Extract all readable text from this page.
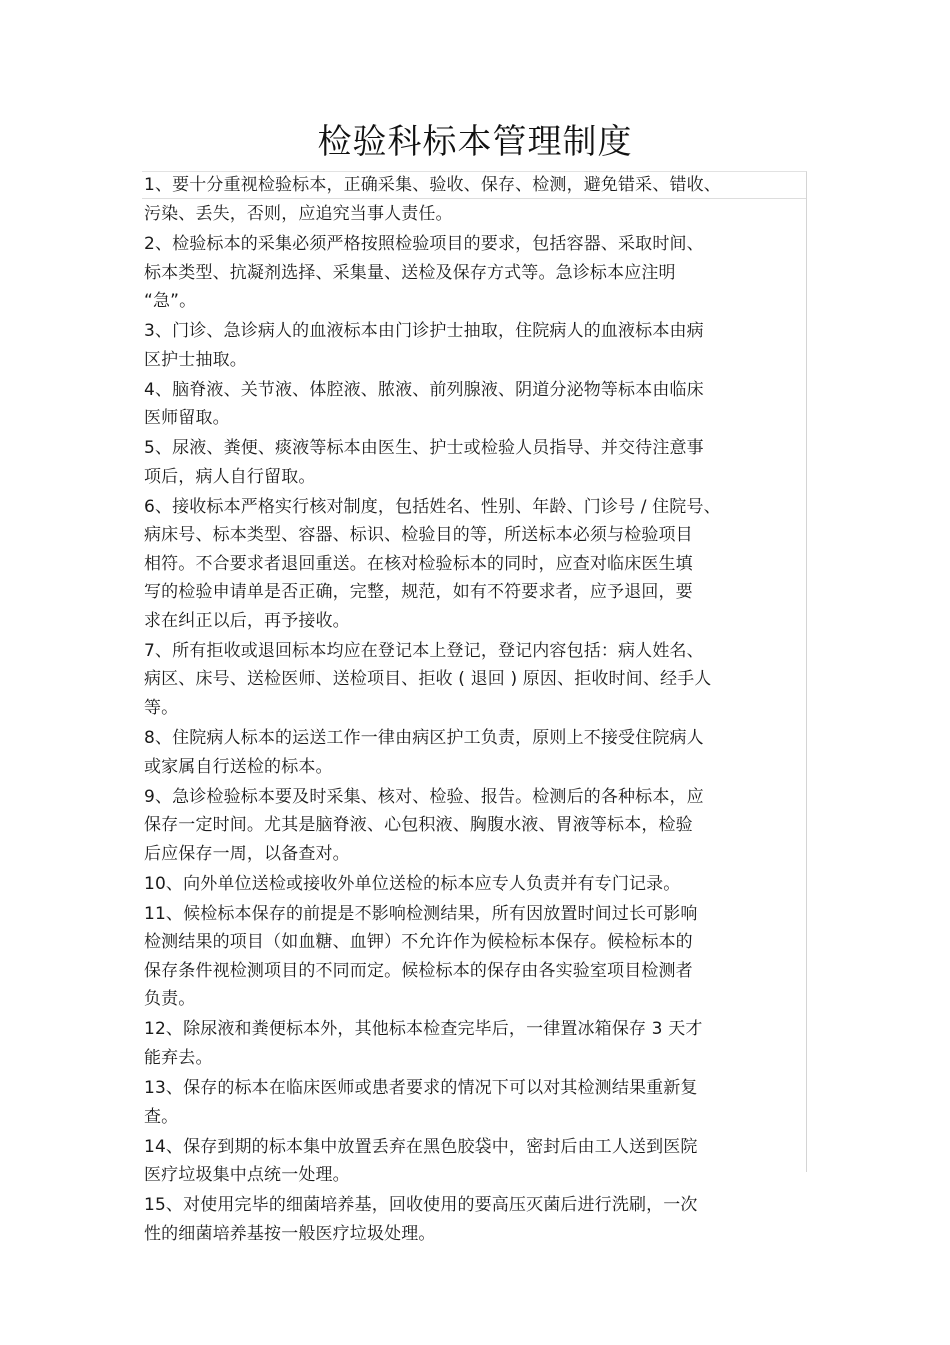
检验科标本管理制度
1、要十分重视检验标本，正确采集、验收、保存、检测，避免错采、错收、
污染、丢失，否则，应追究当事人责任。
2、检验标本的采集必须严格按照检验项目的要求，包括容器、采取时间、
标本类型、抗凝剂选择、采集量、送检及保存方式等。急诊标本应注明
“急”。
3、门诊、急诊病人的血液标本由门诊护士抽取，住院病人的血液标本由病
区护士抽取。
4、脑脊液、关节液、体腔液、脓液、前列腺液、阴道分泌物等标本由临床
医师留取。
5、尿液、粪便、痰液等标本由医生、护士或检验人员指导、并交待注意事
项后，病人自行留取。
6、接收标本严格实行核对制度，包括姓名、性别、年龄、门诊号 / 住院号、
病床号、标本类型、容器、标识、检验目的等，所送标本必须与检验项目
相符。不合要求者退回重送。在核对检验标本的同时，应查对临床医生填
写的检验申请单是否正确，完整，规范，如有不符要求者，应予退回，要
求在纠正以后，再予接收。
7、所有拒收或退回标本均应在登记本上登记，登记内容包括：病人姓名、
病区、床号、送检医师、送检项目、拒收 ( 退回 ) 原因、拒收时间、经手人
等。
8、住院病人标本的运送工作一律由病区护工负责，原则上不接受住院病人
或家属自行送检的标本。
9、急诊检验标本要及时采集、核对、检验、报告。检测后的各种标本，应
保存一定时间。尤其是脑脊液、心包积液、胸腹水液、胃液等标本，检验
后应保存一周，以备查对。
10、向外单位送检或接收外单位送检的标本应专人负责并有专门记录。
11、候检标本保存的前提是不影响检测结果，所有因放置时间过长可影响
检测结果的项目（如血糖、血钾）不允许作为候检标本保存。候检标本的
保存条件视检测项目的不同而定。候检标本的保存由各实验室项目检测者
负责。
12、除尿液和粪便标本外，其他标本检查完毕后，一律置冰箱保存 3 天才
能弃去。
13、保存的标本在临床医师或患者要求的情况下可以对其检测结果重新复
查。
14、保存到期的标本集中放置丢弃在黑色胶袋中，密封后由工人送到医院
医疗垃圾集中点统一处理。
15、对使用完毕的细菌培养基，回收使用的要高压灭菌后进行洗刷，一次
性的细菌培养基按一般医疗垃圾处理。
